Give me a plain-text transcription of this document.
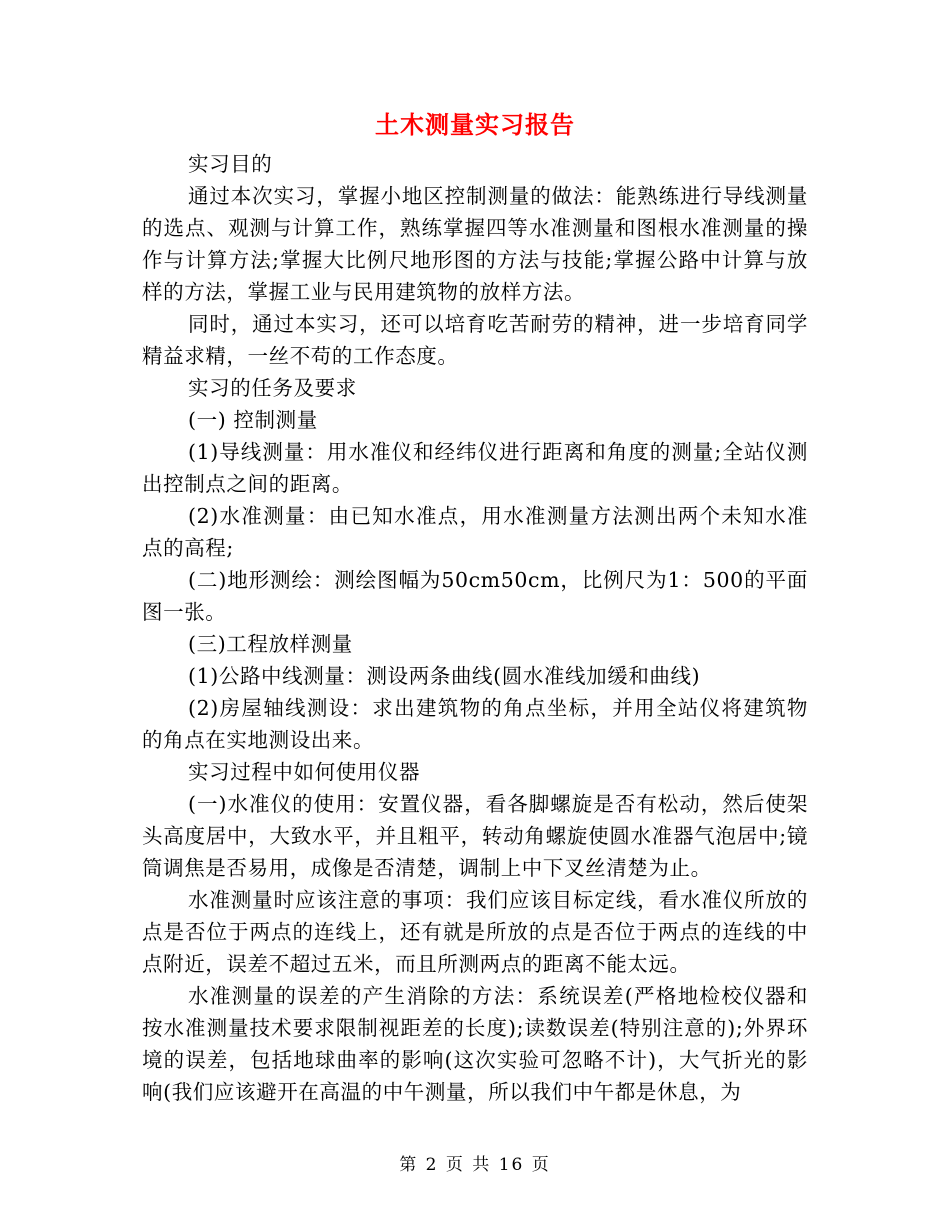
土木测量实习报告

实习目的

通过本次实习，掌握小地区控制测量的做法：能熟练进行导线测量的选点、观测与计算工作，熟练掌握四等水准测量和图根水准测量的操作与计算方法;掌握大比例尺地形图的方法与技能;掌握公路中计算与放样的方法，掌握工业与民用建筑物的放样方法。

同时，通过本实习，还可以培育吃苦耐劳的精神，进一步培育同学精益求精，一丝不苟的工作态度。

实习的任务及要求

(一) 控制测量

(1)导线测量：用水准仪和经纬仪进行距离和角度的测量;全站仪测出控制点之间的距离。

(2)水准测量：由已知水准点，用水准测量方法测出两个未知水准点的高程;

(二)地形测绘：测绘图幅为50cm50cm，比例尺为1：500的平面图一张。

(三)工程放样测量

(1)公路中线测量：测设两条曲线(圆水准线加缓和曲线)

(2)房屋轴线测设：求出建筑物的角点坐标，并用全站仪将建筑物的角点在实地测设出来。

实习过程中如何使用仪器

(一)水准仪的使用：安置仪器，看各脚螺旋是否有松动，然后使架头高度居中，大致水平，并且粗平，转动角螺旋使圆水准器气泡居中;镜筒调焦是否易用，成像是否清楚，调制上中下叉丝清楚为止。

水准测量时应该注意的事项：我们应该目标定线，看水准仪所放的点是否位于两点的连线上，还有就是所放的点是否位于两点的连线的中点附近，误差不超过五米，而且所测两点的距离不能太远。

水准测量的误差的产生消除的方法：系统误差(严格地检校仪器和按水准测量技术要求限制视距差的长度);读数误差(特别注意的);外界环境的误差，包括地球曲率的影响(这次实验可忽略不计)，大气折光的影响(我们应该避开在高温的中午测量，所以我们中午都是休息，为

第 2 页 共 16 页
